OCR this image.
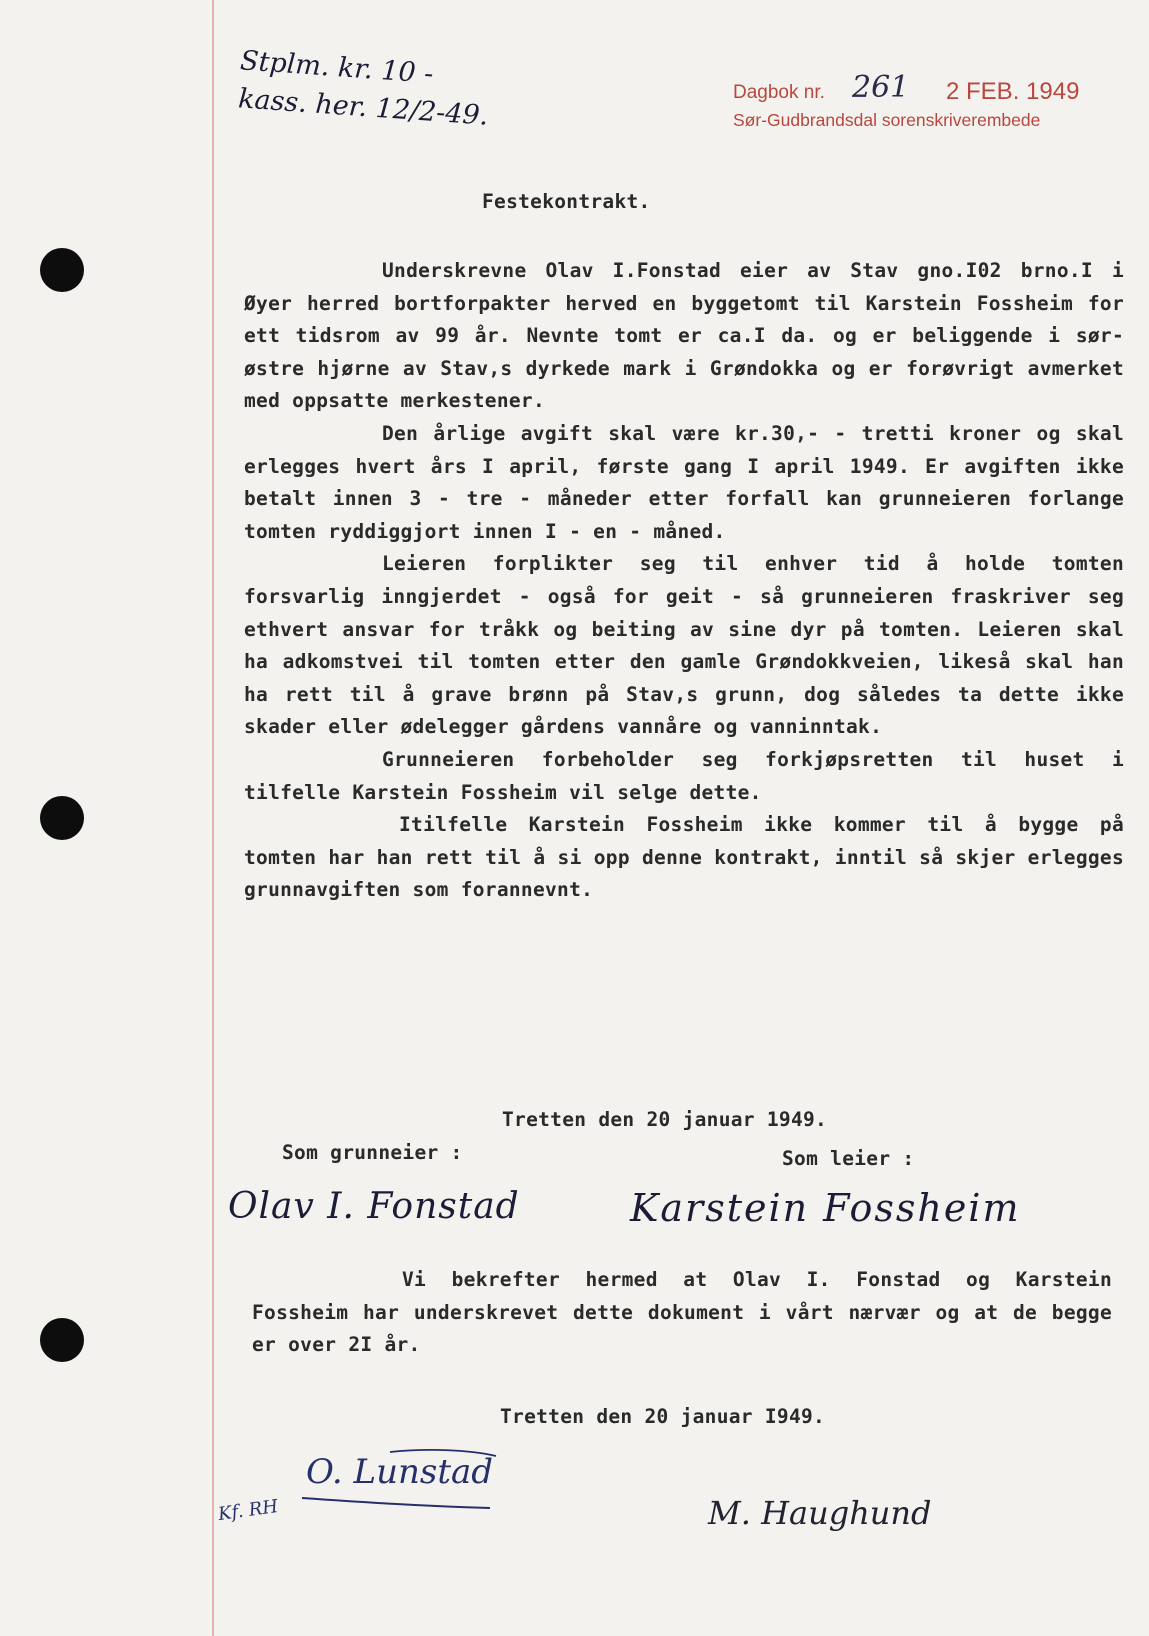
Stplm. kr. 10 -
kass. her. 12/2-49.	Dagbok nr. 261 2 FEB. 1949
Sør-Gudbrandsdal sorenskriverembede
Festekontrakt.

Underskrevne Olav I.Fonstad eier av Stav gno.I02 brno.I i Øyer herred bortforpakter herved en byggetomt til Karstein Fossheim for ett tidsrom av 99 år. Nevnte tomt er ca.I da. og er beliggende i sør-østre hjørne av Stav,s dyrkede mark i Grøndokka og er forøvrigt avmerket med oppsatte merkestener.

Den årlige avgift skal være kr.30,- - tretti kroner og skal erlegges hvert års I april, første gang I april 1949. Er avgiften ikke betalt innen 3 - tre - måneder etter forfall kan grunneieren forlange tomten ryddiggjort innen I - en - måned.

Leieren forplikter seg til enhver tid å holde tomten forsvarlig inngjerdet - også for geit - så grunneieren fraskriver seg ethvert ansvar for tråkk og beiting av sine dyr på tomten. Leieren skal ha adkomstvei til tomten etter den gamle Grøndokkveien, likeså skal han ha rett til å grave brønn på Stav,s grunn, dog således ta dette ikke skader eller ødelegger gårdens vannåre og vanninntak.

Grunneieren forbeholder seg forkjøpsretten til huset i tilfelle Karstein Fossheim vil selge dette.

Itilfelle Karstein Fossheim ikke kommer til å bygge på tomten har han rett til å si opp denne kontrakt, inntil så skjer erlegges grunnavgiften som forannevnt.

Tretten den 20 januar 1949.
Som grunneier :	Som leier :
Olav I. Fonstad	Karstein Fossheim

Vi bekrefter hermed at Olav I. Fonstad og Karstein Fossheim har underskrevet dette dokument i vårt nærvær og at de begge er over 2I år.

Tretten den 20 januar I949.
O. Lunstad
Kf. RH	M. Haughund
